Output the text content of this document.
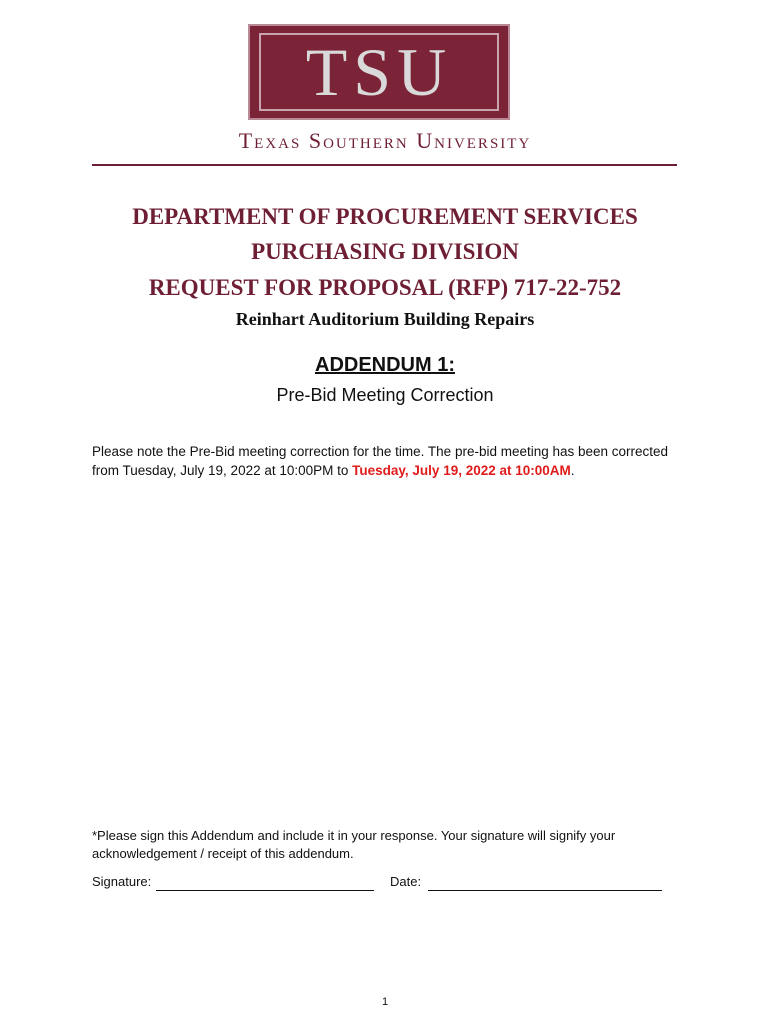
TSU
Texas Southern University
DEPARTMENT OF PROCUREMENT SERVICES
PURCHASING DIVISION
REQUEST FOR PROPOSAL (RFP) 717-22-752
Reinhart Auditorium Building Repairs
ADDENDUM 1:
Pre-Bid Meeting Correction
Please note the Pre-Bid meeting correction for the time. The pre-bid meeting has been corrected from Tuesday, July 19, 2022 at 10:00PM to Tuesday, July 19, 2022 at 10:00AM.
*Please sign this Addendum and include it in your response. Your signature will signify your acknowledgement / receipt of this addendum.
Signature:	Date:
1
